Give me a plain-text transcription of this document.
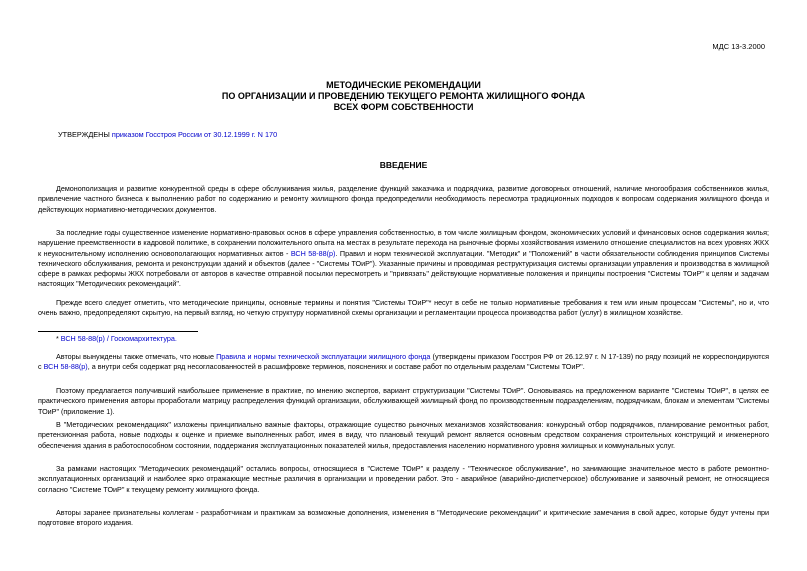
МДС 13-3.2000
МЕТОДИЧЕСКИЕ РЕКОМЕНДАЦИИ
ПО ОРГАНИЗАЦИИ И ПРОВЕДЕНИЮ ТЕКУЩЕГО РЕМОНТА ЖИЛИЩНОГО ФОНДА
ВСЕХ ФОРМ СОБСТВЕННОСТИ
УТВЕРЖДЕНЫ приказом Госстроя России от 30.12.1999 г. N 170
ВВЕДЕНИЕ
Демонополизация и развитие конкурентной среды в сфере обслуживания жилья, разделение функций заказчика и подрядчика, развитие договорных отношений, наличие многообразия собственников жилья, привлечение частного бизнеса к выполнению работ по содержанию и ремонту жилищного фонда предопределили необходимость пересмотра традиционных подходов к вопросам содержания жилищного фонда и действующих нормативно-методических документов.
За последние годы существенное изменение нормативно-правовых основ в сфере управления собственностью, в том числе жилищным фондом, экономических условий и финансовых основ содержания жилья; нарушение преемственности в кадровой политике, в сохранении положительного опыта на местах в результате перехода на рыночные формы хозяйствования изменило отношение специалистов на всех уровнях ЖКХ к неукоснительному исполнению основополагающих нормативных актов - ВСН 58-88(р). Правил и норм технической эксплуатации. "Методик" и "Положений" в части обязательности соблюдения принципов Системы технического обслуживания, ремонта и реконструкции зданий и объектов (далее - "Системы ТОиР"). Указанные причины и проводимая реструктуризация системы организации управления и производства в жилищной сфере в рамках реформы ЖКХ потребовали от авторов в качестве отправной посылки пересмотреть и "привязать" действующие нормативные положения и принципы построения "Системы ТОиР" к целям и задачам настоящих "Методических рекомендаций".
Прежде всего следует отметить, что методические принципы, основные термины и понятия "Системы ТОиР"* несут в себе не только нормативные требования к тем или иным процессам "Системы", но и, что очень важно, предопределяют скрытую, на первый взгляд, но четкую структуру нормативной схемы организации и регламентации процесса производства работ (услуг) в жилищном хозяйстве.
* ВСН 58-88(р) / Госкомархитектура.
Авторы вынуждены также отмечать, что новые Правила и нормы технической эксплуатации жилищного фонда (утверждены приказом Госстроя РФ от 26.12.97 г. N 17-139) по ряду позиций не корреспондируются с ВСН 58-88(р), а внутри себя содержат ряд несогласованностей в расшифровке терминов, пояснениях и составе работ по отдельным разделам "Системы ТОиР".
Поэтому предлагается получивший наибольшее применение в практике, по мнению экспертов, вариант структуризации "Системы ТОиР". Основываясь на предложенном варианте "Системы ТОиР", в целях ее практического применения авторы проработали матрицу распределения функций организации, обслуживающей жилищный фонд по производственным подразделениям, подрядчикам, блокам и элементам "Системы ТОиР" (приложение 1).
В "Методических рекомендациях" изложены принципиально важные факторы, отражающие существо рыночных механизмов хозяйствования: конкурсный отбор подрядчиков, планирование ремонтных работ, претензионная работа, новые подходы к оценке и приемке выполненных работ, имея в виду, что плановый текущий ремонт является основным средством сохранения строительных конструкций и инженерного обеспечения здания в работоспособном состоянии, поддержания эксплуатационных показателей жилья, предоставления населению нормативного уровня жилищных и коммунальных услуг.
За рамками настоящих "Методических рекомендаций" остались вопросы, относящиеся в "Системе ТОиР" к разделу - "Техническое обслуживание", но занимающие значительное место в работе ремонтно-эксплуатационных организаций и наиболее ярко отражающие местные различия в организации и проведении работ. Это - аварийное (аварийно-диспетчерское) обслуживание и заявочный ремонт, не относящиеся согласно "Системе ТОиР" к текущему ремонту жилищного фонда.
Авторы заранее признательны коллегам - разработчикам и практикам за возможные дополнения, изменения в "Методические рекомендации" и критические замечания в свой адрес, которые будут учтены при подготовке второго издания.
